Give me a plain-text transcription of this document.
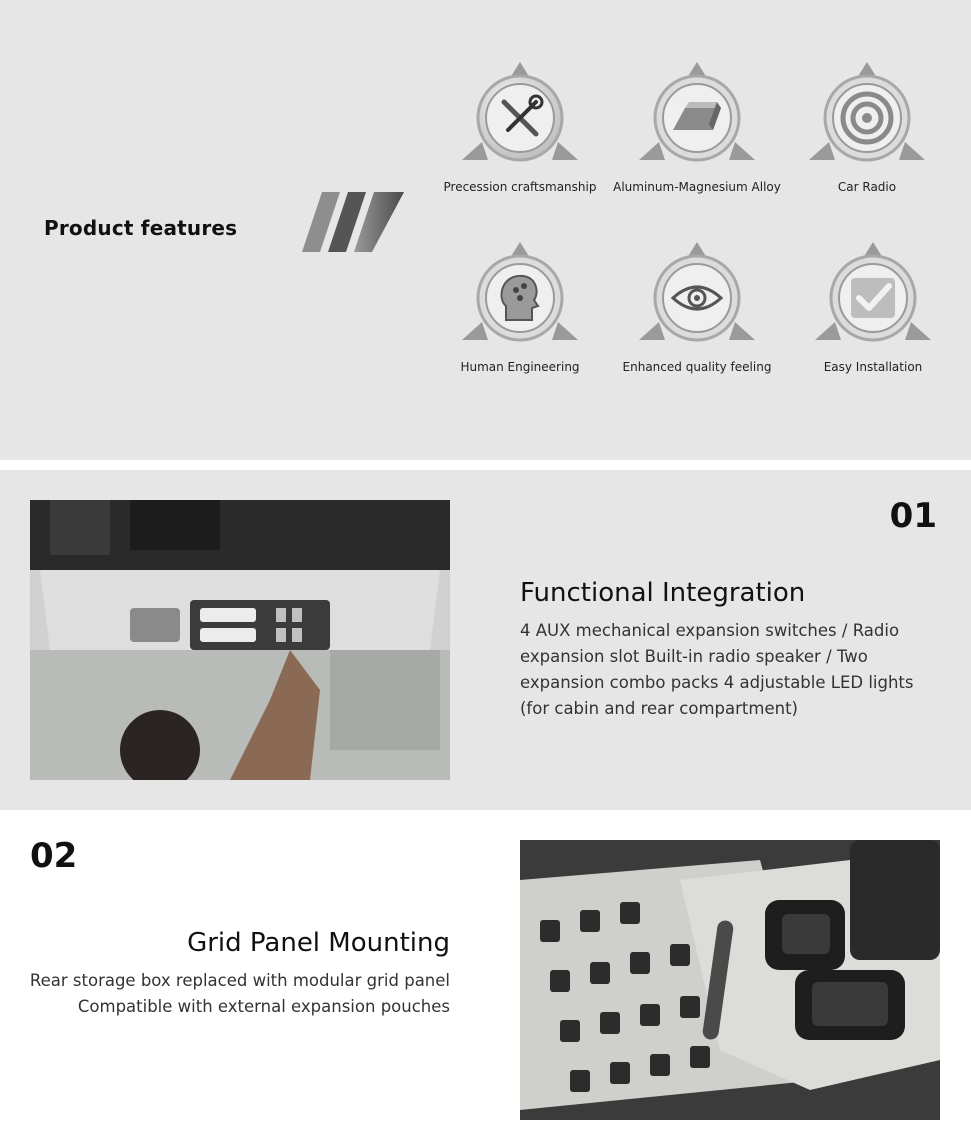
Product features
Precession craftsmanship	Aluminum-Magnesium Alloy	Car Radio
Human Engineering	Enhanced quality feeling	Easy Installation
01
Functional Integration
4 AUX mechanical expansion switches / Radio expansion slot Built-in radio speaker / Two expansion combo packs 4 adjustable LED lights (for cabin and rear compartment)
02
Grid Panel Mounting
Rear storage box replaced with modular grid panel
Compatible with external expansion pouches
